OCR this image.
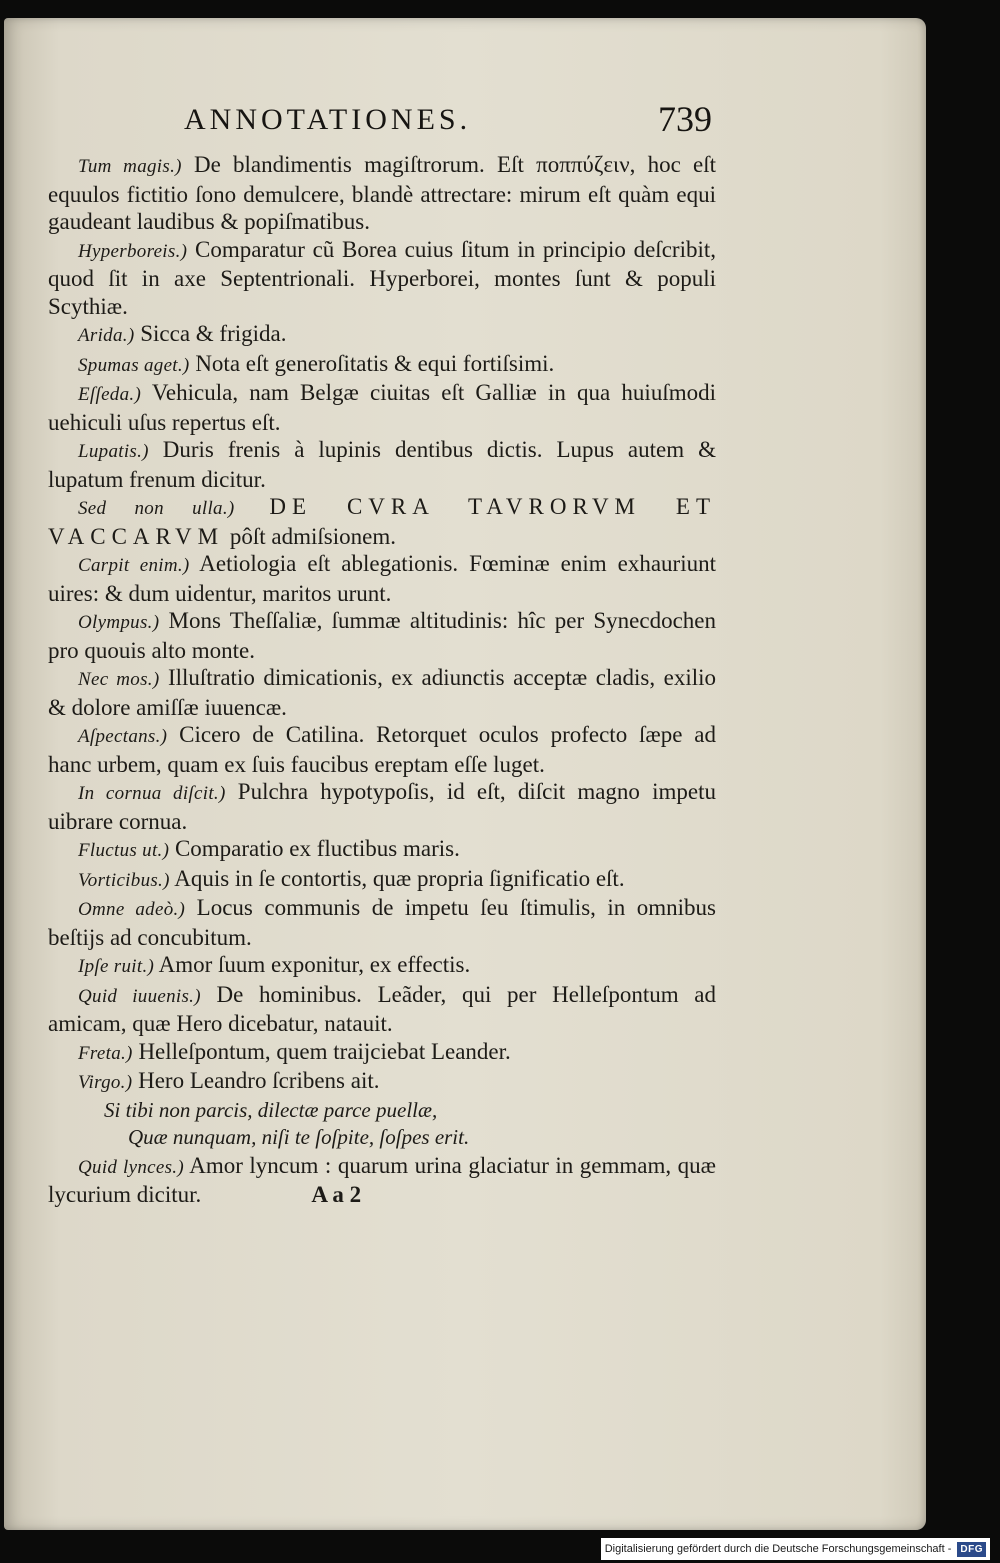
ANNOTATIONES.	739
Tum magis.) De blandimentis magiſtrorum. Eſt ποππύζειν, hoc eſt equulos fictitio ſono demulcere, blandè attrectare: mirum eſt quàm equi gaudeant laudibus & popiſmatibus.
Hyperboreis.) Comparatur cũ Borea cuius ſitum in principio deſcribit, quod ſit in axe Septentrionali. Hyperborei, montes ſunt & populi Scythiæ.
Arida.) Sicca & frigida.
Spumas aget.) Nota eſt generoſitatis & equi fortiſsimi.
Eſſeda.) Vehicula, nam Belgæ ciuitas eſt Galliæ in qua huiuſmodi uehiculi uſus repertus eſt.
Lupatis.) Duris frenis à lupinis dentibus dictis. Lupus autem & lupatum frenum dicitur.
Sed non ulla.) DE CVRA TAVRORVM ET VACCARVM pôſt admiſsionem.
Carpit enim.) Aetiologia eſt ablegationis. Fœminæ enim exhauriunt uires: & dum uidentur, maritos urunt.
Olympus.) Mons Theſſaliæ, ſummæ altitudinis: hîc per Synecdochen pro quouis alto monte.
Nec mos.) Illuſtratio dimicationis, ex adiunctis acceptæ cladis, exilio & dolore amiſſæ iuuencæ.
Aſpectans.) Cicero de Catilina. Retorquet oculos profecto ſæpe ad hanc urbem, quam ex ſuis faucibus ereptam eſſe luget.
In cornua diſcit.) Pulchra hypotypoſis, id eſt, diſcit magno impetu uibrare cornua.
Fluctus ut.) Comparatio ex fluctibus maris.
Vorticibus.) Aquis in ſe contortis, quæ propria ſignificatio eſt.
Omne adeò.) Locus communis de impetu ſeu ſtimulis, in omnibus beſtijs ad concubitum.
Ipſe ruit.) Amor ſuum exponitur, ex effectis.
Quid iuuenis.) De hominibus. Leãder, qui per Helleſpontum ad amicam, quæ Hero dicebatur, natauit.
Freta.) Helleſpontum, quem traijciebat Leander.
Virgo.) Hero Leandro ſcribens ait.
Si tibi non parcis, dilectæ parce puellæ,
Quæ nunquam, niſi te ſoſpite, ſoſpes erit.
Quid lynces.) Amor lyncum : quarum urina glaciatur in gemmam, quæ lycurium dicitur.	A a 2
Digitalisierung gefördert durch die Deutsche Forschungsgemeinschaft - DFG
